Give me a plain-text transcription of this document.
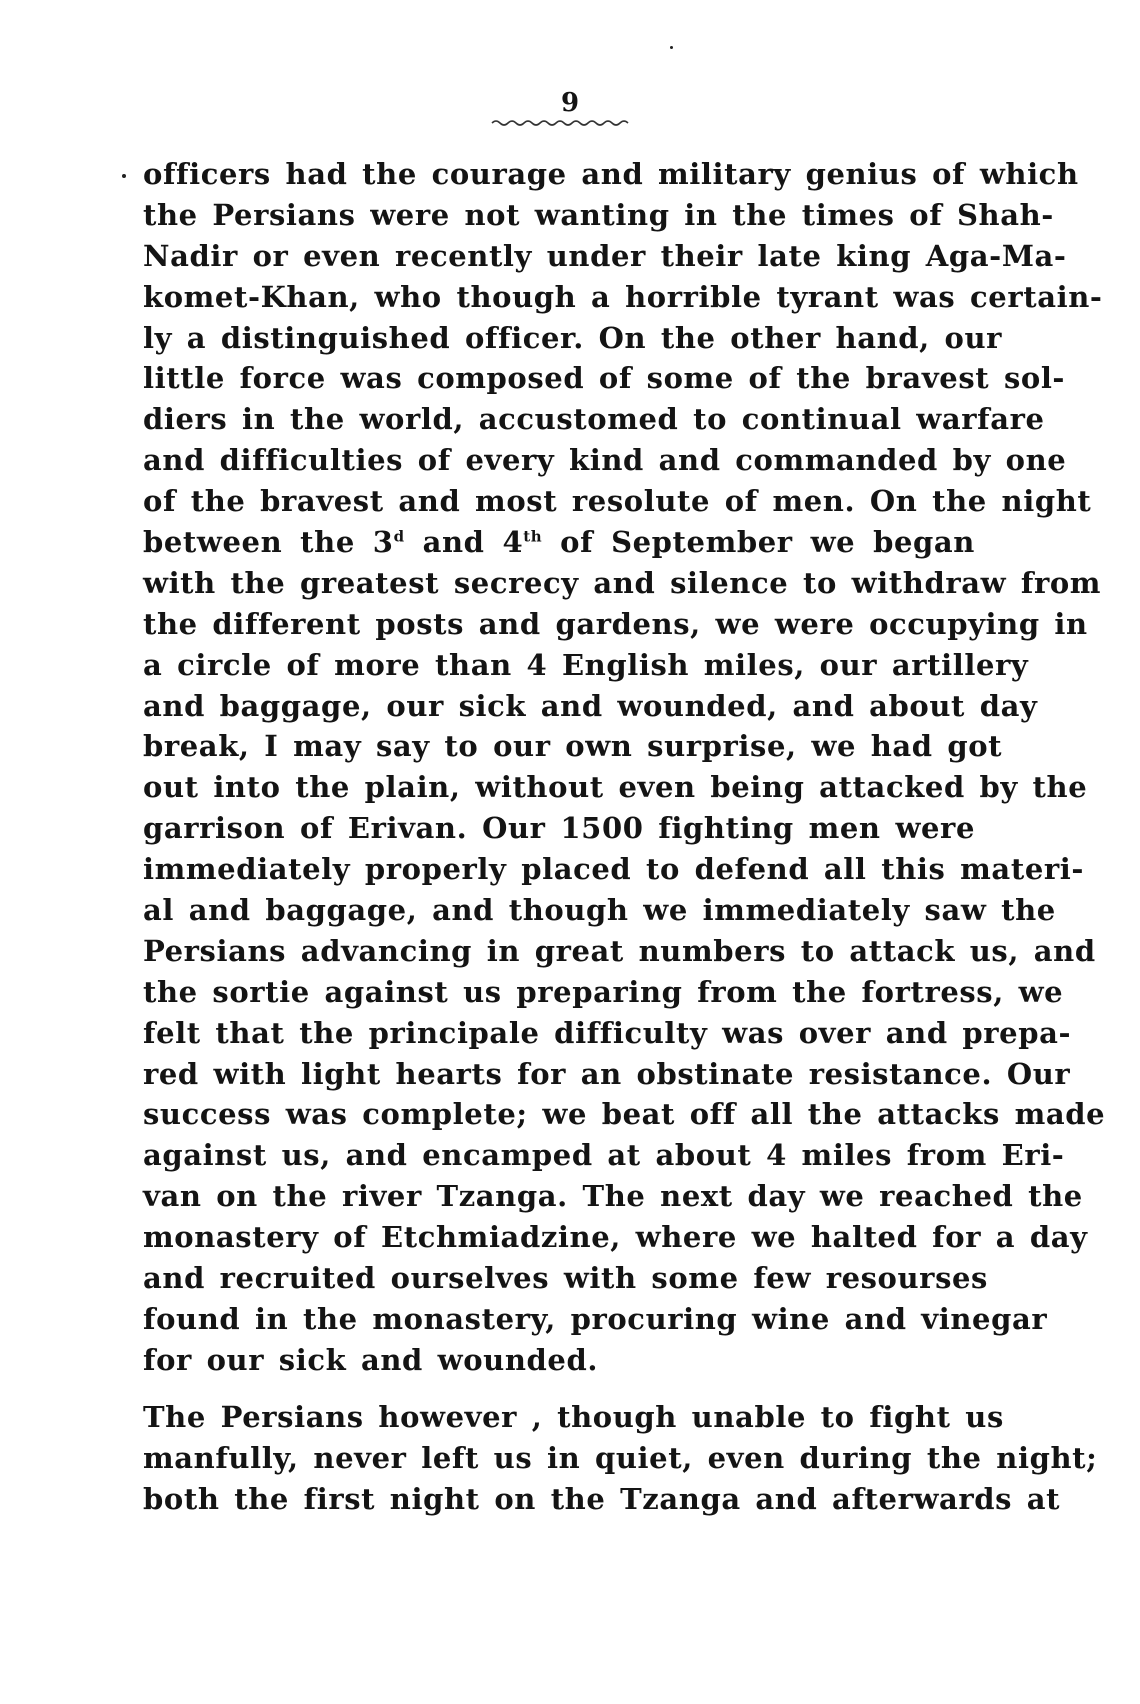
9
officers had the courage and military genius of which
the Persians were not wanting in the times of Shah-
Nadir or even recently under their late king Aga-Ma-
komet-Khan, who though a horrible tyrant was certain-
ly a distinguished officer. On the other hand, our
little force was composed of some of the bravest sol-
diers in the world, accustomed to continual warfare
and difficulties of every kind and commanded by one
of the bravest and most resolute of men. On the night
between the 3$^d$ and 4th of September we began
with the greatest secrecy and silence to withdraw from
the different posts and gardens, we were occupying in
a circle of more than 4 English miles, our artillery
and baggage, our sick and wounded, and about day
break, I may say to our own surprise, we had got
out into the plain, without even being attacked by the
garrison of Erivan. Our 1500 fighting men were
immediately properly placed to defend all this materi-
al and baggage, and though we immediately saw the
Persians advancing in great numbers to attack us, and
the sortie against us preparing from the fortress, we
felt that the principale difficulty was over and prepa-
red with light hearts for an obstinate resistance. Our
success was complete; we beat off all the attacks made
against us, and encamped at about 4 miles from Eri-
van on the river Tzanga. The next day we reached the
monastery of Etchmiadzine, where we halted for a day
and recruited ourselves with some few resourses
found in the monastery, procuring wine and vinegar
for our sick and wounded.
The Persians however , though unable to fight us
manfully, never left us in quiet, even during the night;
both the first night on the Tzanga and afterwards at
